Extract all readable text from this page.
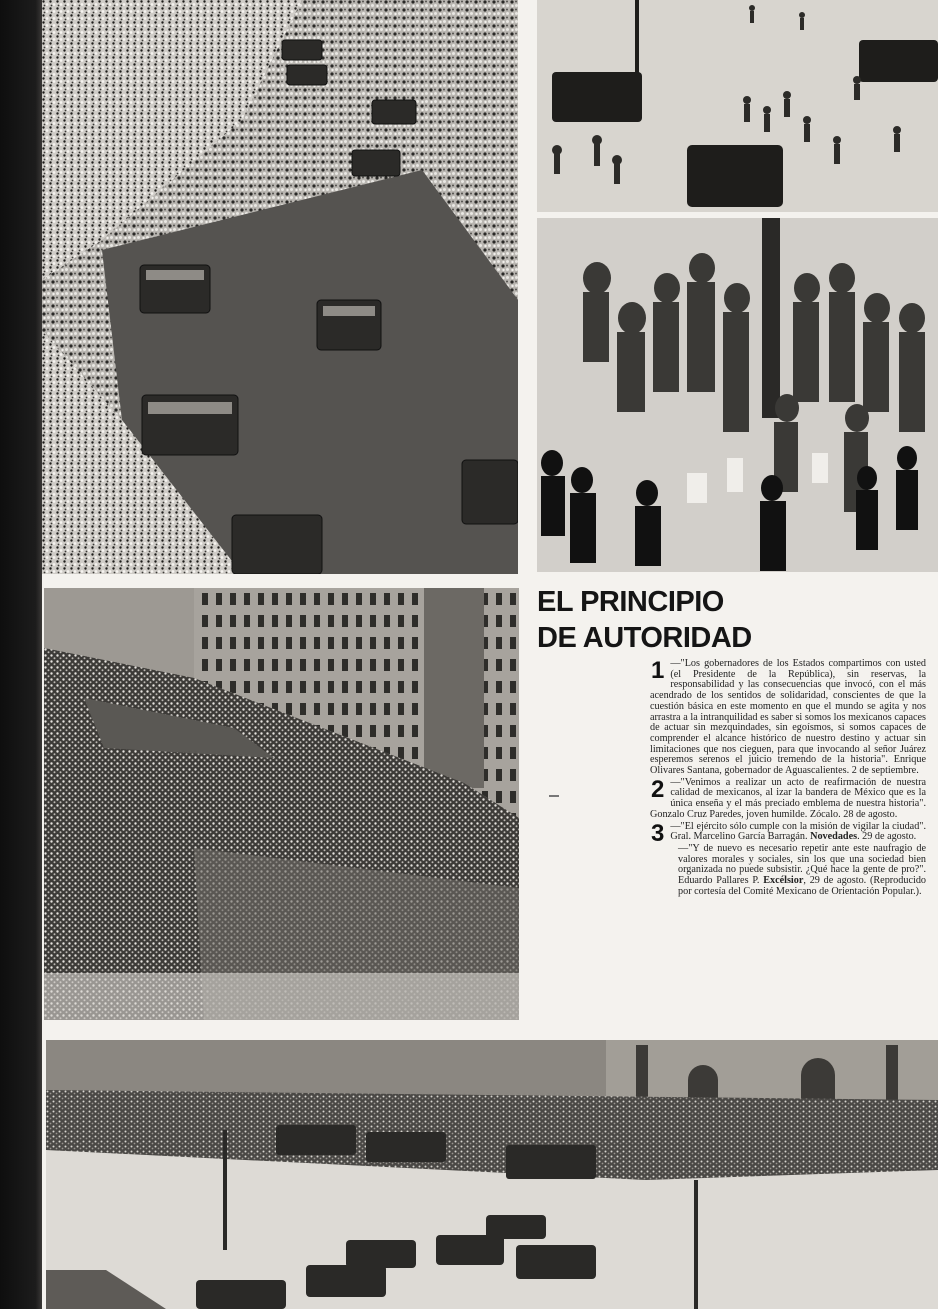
EL PRINCIPIO
DE AUTORIDAD
1 —"Los gobernadores de los Estados compartimos con usted (el Presidente de la República), sin reservas, la responsabilidad y las consecuencias que invocó, con el más acendrado de los sentidos de solidaridad, conscientes de que la cuestión básica en este momento en que el mundo se agita y nos arrastra a la intranquilidad es saber si somos los mexicanos capaces de actuar sin mezquindades, sin egoísmos, si somos capaces de comprender el alcance histórico de nuestro destino y actuar sin limitaciones que nos cieguen, para que invocando al señor Juárez esperemos serenos el juicio tremendo de la historia". Enrique Olivares Santana, gobernador de Aguascalientes. 2 de septiembre.
2 —"Venimos a realizar un acto de reafirmación de nuestra calidad de mexicanos, al izar la bandera de México que es la única enseña y el más preciado emblema de nuestra historia". Gonzalo Cruz Paredes, joven humilde. Zócalo. 28 de agosto.
3 —"El ejército sólo cumple con la misión de vigilar la ciudad". Gral. Marcelino García Barragán. Novedades. 29 de agosto.
—"Y de nuevo es necesario repetir ante este naufragio de valores morales y sociales, sin los que una sociedad bien organizada no puede subsistir. ¿Qué hace la gente de pro?". Eduardo Pallares P. Excélsior, 29 de agosto. (Reproducido por cortesía del Comité Mexicano de Orientación Popular.).
